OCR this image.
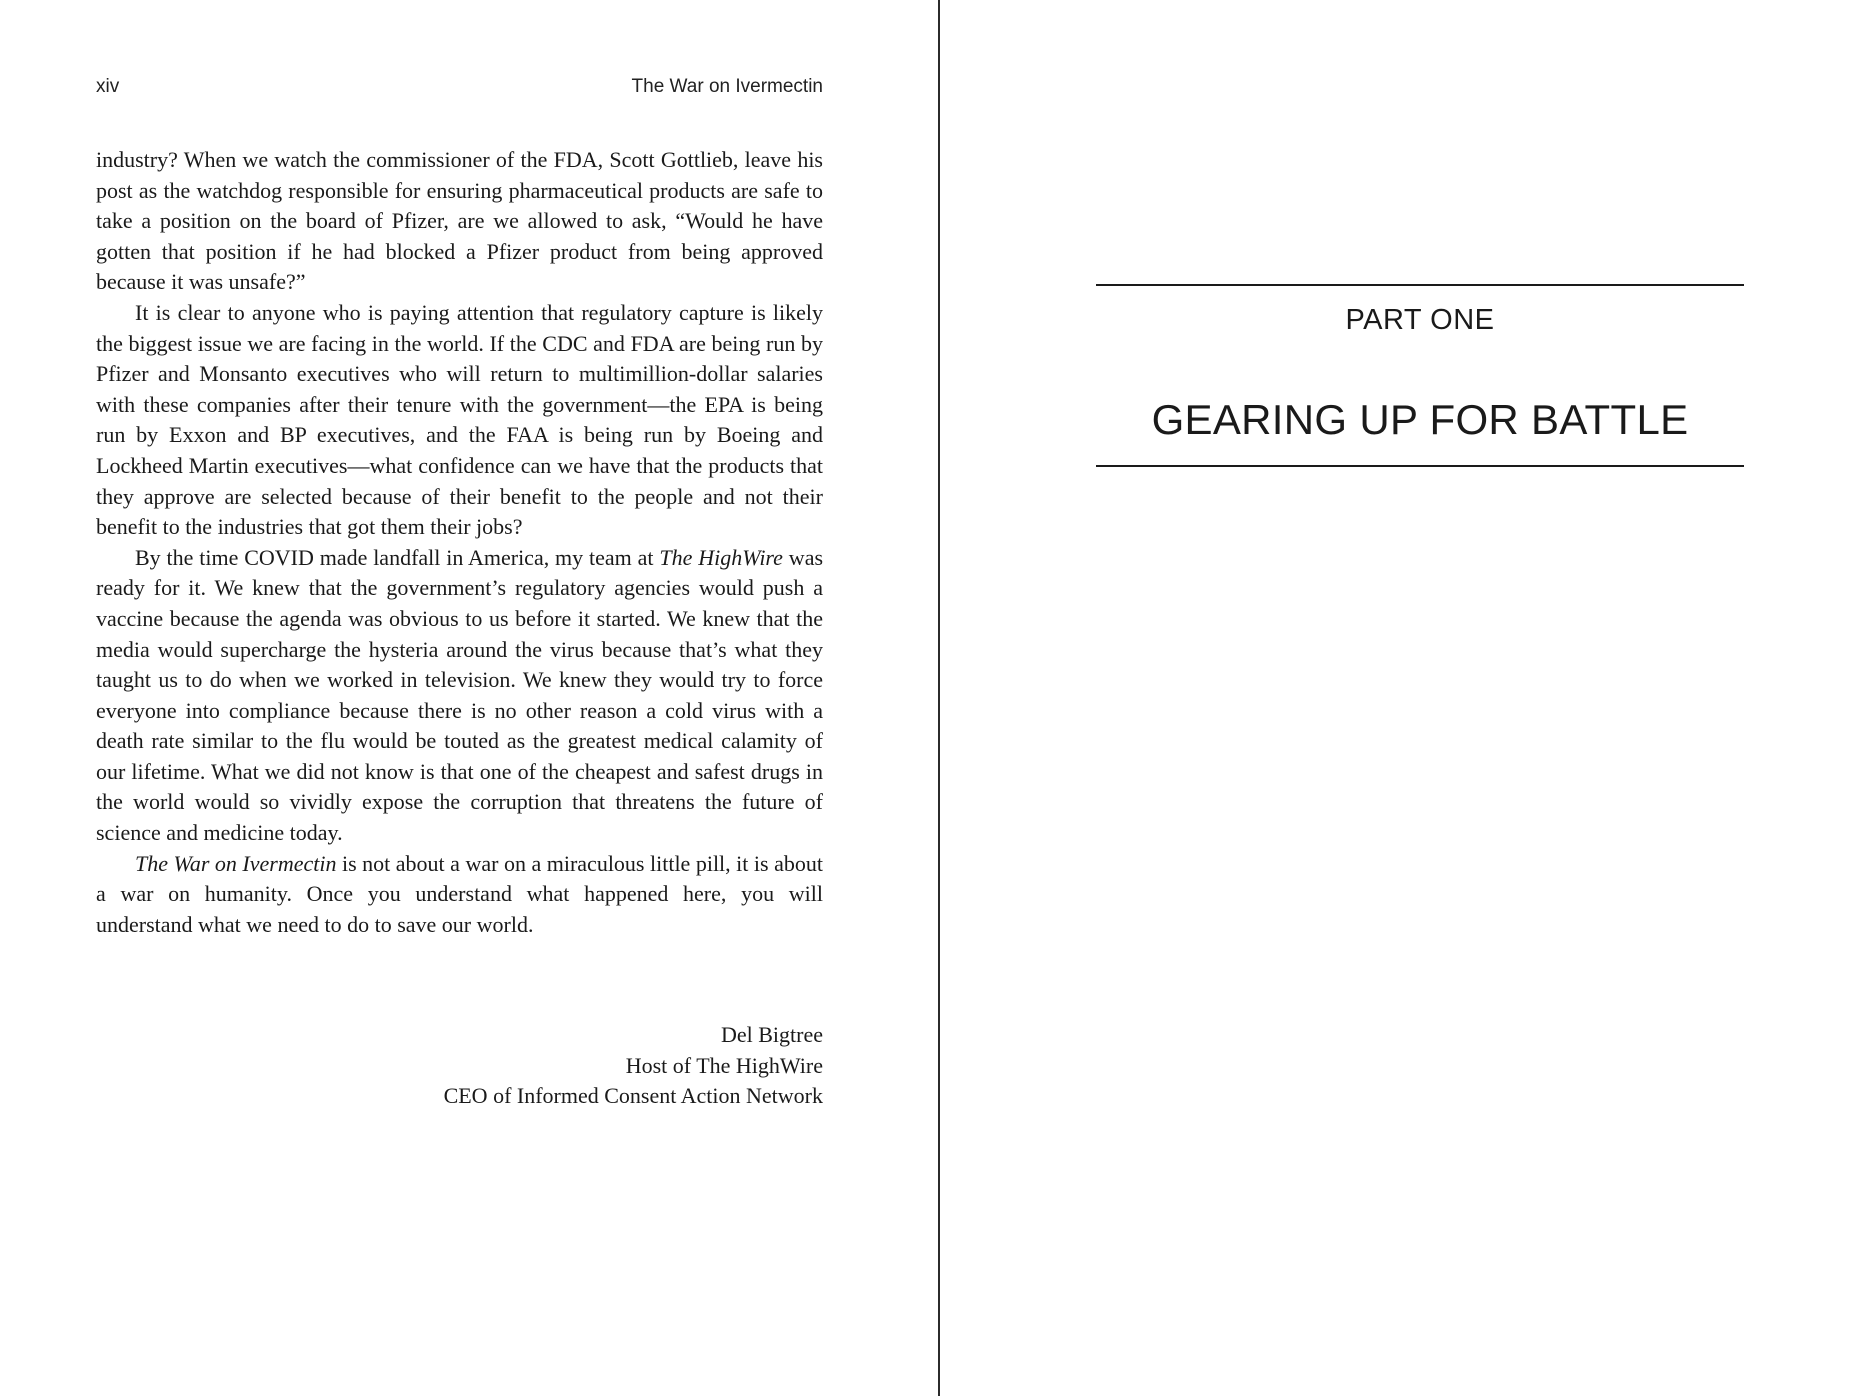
xiv	The War on Ivermectin

industry? When we watch the commissioner of the FDA, Scott Gottlieb, leave his post as the watchdog responsible for ensuring pharmaceutical products are safe to take a position on the board of Pfizer, are we allowed to ask, “Would he have gotten that position if he had blocked a Pfizer product from being approved because it was unsafe?”

It is clear to anyone who is paying attention that regulatory capture is likely the biggest issue we are facing in the world. If the CDC and FDA are being run by Pfizer and Monsanto executives who will return to multimillion-dollar salaries with these companies after their tenure with the government—the EPA is being run by Exxon and BP executives, and the FAA is being run by Boeing and Lockheed Martin executives—what confidence can we have that the products that they approve are selected because of their benefit to the people and not their benefit to the industries that got them their jobs?

By the time COVID made landfall in America, my team at The HighWire was ready for it. We knew that the government’s regulatory agencies would push a vaccine because the agenda was obvious to us before it started. We knew that the media would supercharge the hysteria around the virus because that’s what they taught us to do when we worked in television. We knew they would try to force everyone into compliance because there is no other reason a cold virus with a death rate similar to the flu would be touted as the greatest medical calamity of our lifetime. What we did not know is that one of the cheapest and safest drugs in the world would so vividly expose the corruption that threatens the future of science and medicine today.

The War on Ivermectin is not about a war on a miraculous little pill, it is about a war on humanity. Once you understand what happened here, you will understand what we need to do to save our world.

Del Bigtree
Host of The HighWire
CEO of Informed Consent Action Network
PART ONE
GEARING UP FOR BATTLE
